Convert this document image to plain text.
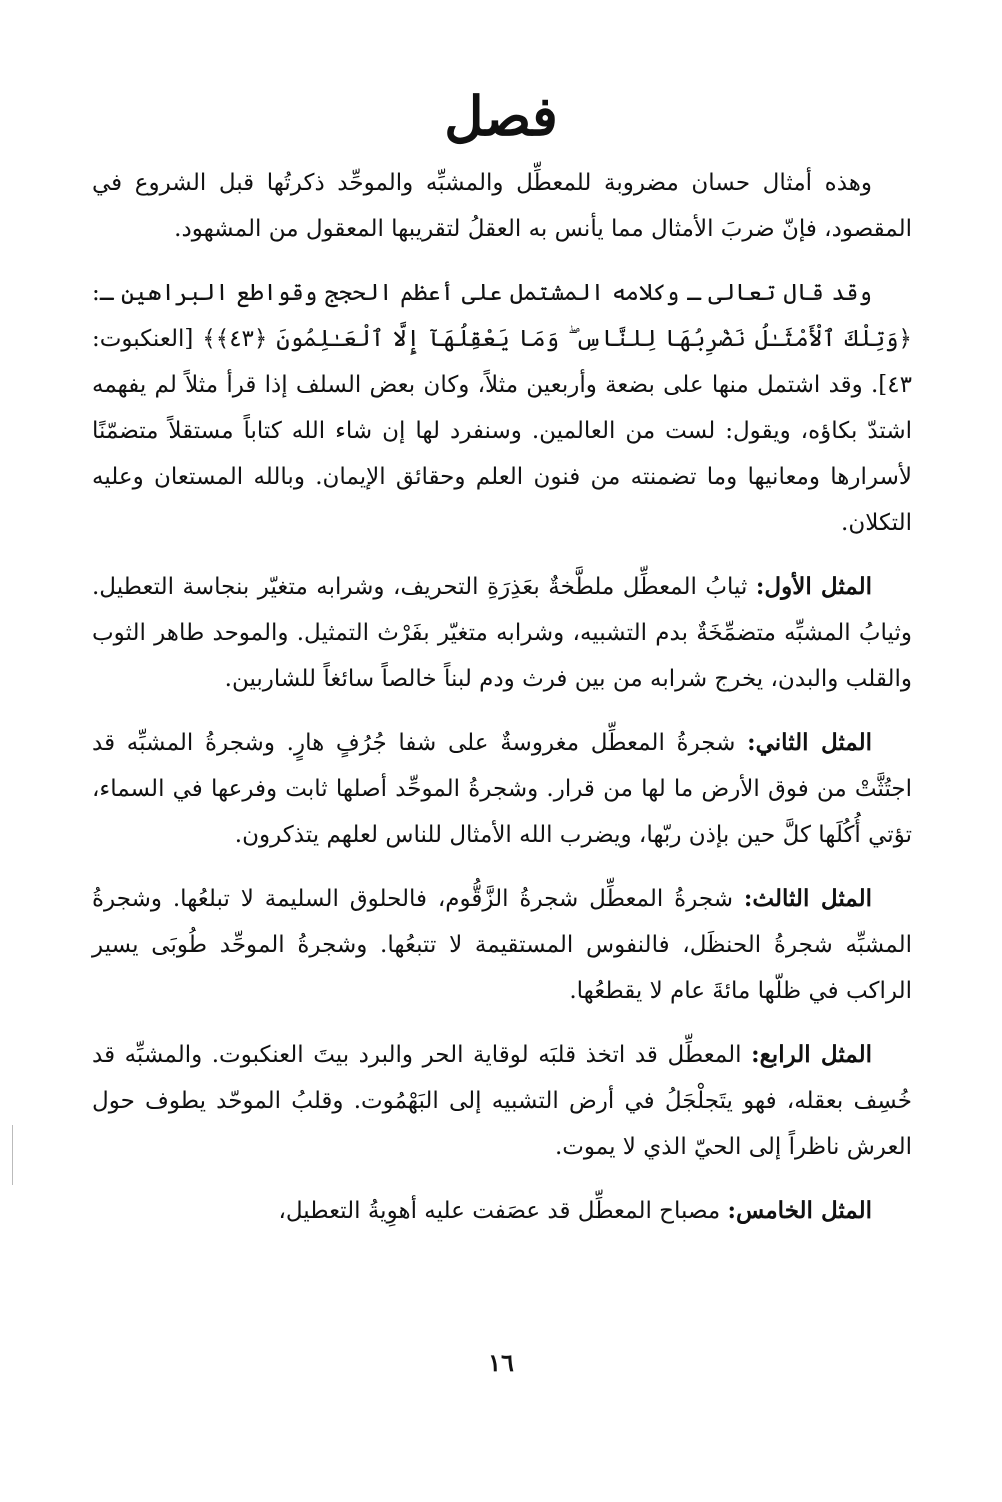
فصل

وهذه أمثال حسان مضروبة للمعطِّل والمشبِّه والموحِّد ذكرتُها قبل الشروع في المقصود، فإنّ ضربَ الأمثال مما يأنس به العقلُ لتقريبها المعقول من المشهود.

وقد قال تعالى ـ وكلامه المشتمل على أعظم الحجج وقواطع البراهين ـ: ﴿وَتِلْكَ ٱلْأَمْثَـٰلُ نَضْرِبُهَا لِلنَّاسِ ۖ وَمَا يَعْقِلُهَآ إِلَّا ٱلْعَـٰلِمُونَ ﴿٤٣﴾﴾ [العنكبوت: ٤٣]. وقد اشتمل منها على بضعة وأربعين مثلاً، وكان بعض السلف إذا قرأ مثلاً لم يفهمه اشتدّ بكاؤه، ويقول: لست من العالمين. وسنفرد لها إن شاء الله كتاباً مستقلاً متضمّنًا لأسرارها ومعانيها وما تضمنته من فنون العلم وحقائق الإيمان. وبالله المستعان وعليه التكلان.

المثل الأول: ثيابُ المعطِّل ملطَّخةٌ بعَذِرَةِ التحريف، وشرابه متغيّر بنجاسة التعطيل. وثيابُ المشبِّه متضمِّخَةٌ بدم التشبيه، وشرابه متغيّر بفَرْث التمثيل. والموحد طاهر الثوب والقلب والبدن، يخرج شرابه من بين فرث ودم لبناً خالصاً سائغاً للشاربين.

المثل الثاني: شجرةُ المعطِّل مغروسةٌ على شفا جُرُفٍ هارٍ. وشجرةُ المشبِّه قد اجتُثَّتْ من فوق الأرض ما لها من قرار. وشجرةُ الموحِّد أصلها ثابت وفرعها في السماء، تؤتي أُكُلَها كلَّ حين بإذن ربّها، ويضرب الله الأمثال للناس لعلهم يتذكرون.

المثل الثالث: شجرةُ المعطِّل شجرةُ الزَّقُّوم، فالحلوق السليمة لا تبلعُها. وشجرةُ المشبِّه شجرةُ الحنظَل، فالنفوس المستقيمة لا تتبعُها. وشجرةُ الموحِّد طُوبَى يسير الراكب في ظلّها مائةَ عام لا يقطعُها.

المثل الرابع: المعطِّل قد اتخذ قلبَه لوقاية الحر والبرد بيتَ العنكبوت. والمشبِّه قد خُسِف بعقله، فهو يتَجلْجَلُ في أرض التشبيه إلى البَهْمُوت. وقلبُ الموحّد يطوف حول العرش ناظراً إلى الحيّ الذي لا يموت.

المثل الخامس: مصباح المعطِّل قد عصَفت عليه أهوِيةُ التعطيل،

١٦
